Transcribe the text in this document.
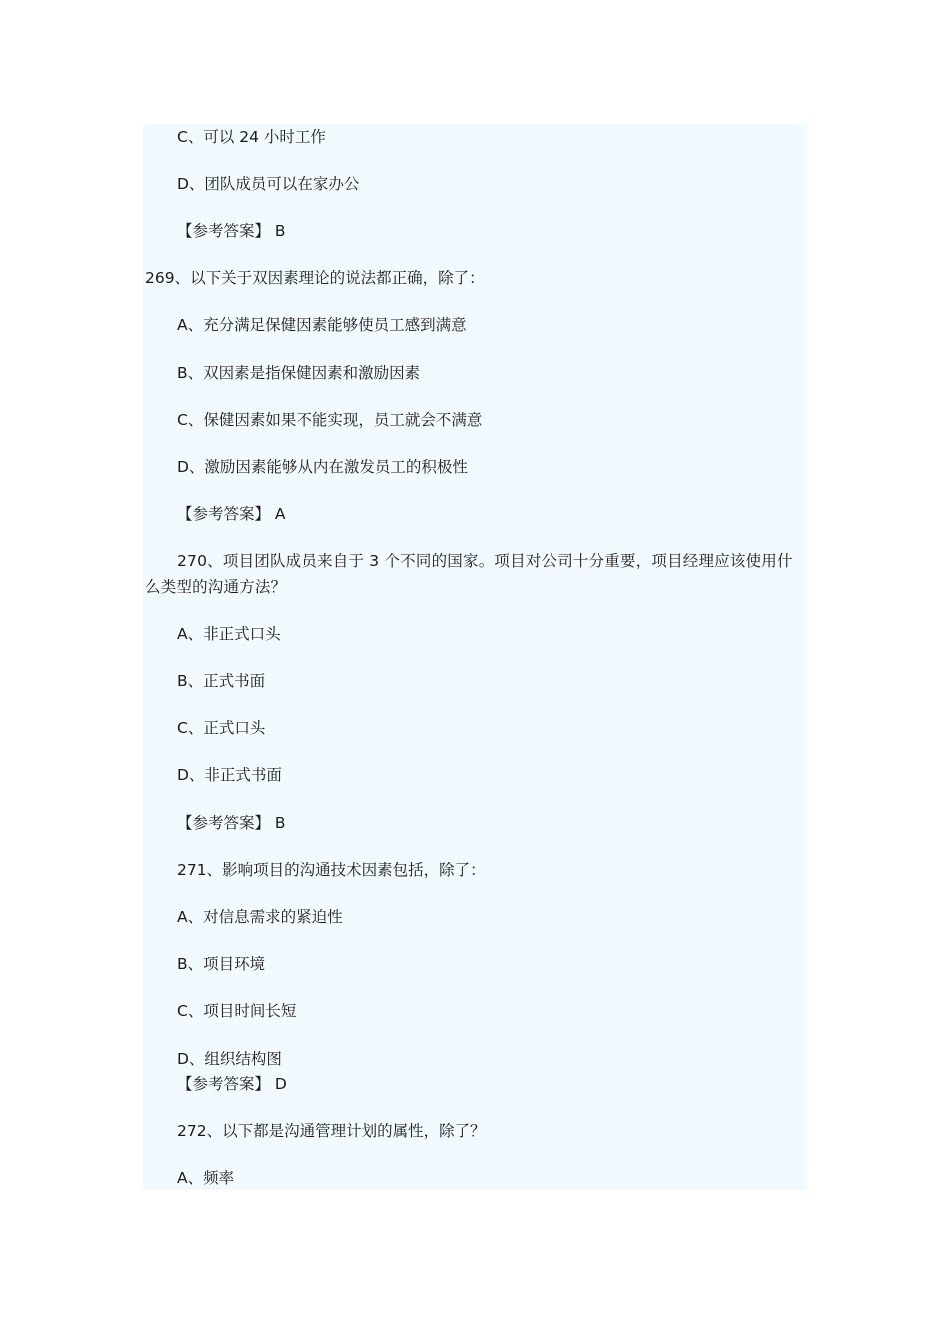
C、可以 24 小时工作
D、团队成员可以在家办公
【参考答案】 B
269、以下关于双因素理论的说法都正确，除了：
A、充分满足保健因素能够使员工感到满意
B、双因素是指保健因素和激励因素
C、保健因素如果不能实现，员工就会不满意
D、激励因素能够从内在激发员工的积极性
【参考答案】 A
270、项目团队成员来自于 3 个不同的国家。项目对公司十分重要，项目经理应该使用什么类型的沟通方法？
A、非正式口头
B、正式书面
C、正式口头
D、非正式书面
【参考答案】 B
271、影响项目的沟通技术因素包括，除了：
A、对信息需求的紧迫性
B、项目环境
C、项目时间长短
D、组织结构图
【参考答案】 D
272、以下都是沟通管理计划的属性，除了？
A、频率
